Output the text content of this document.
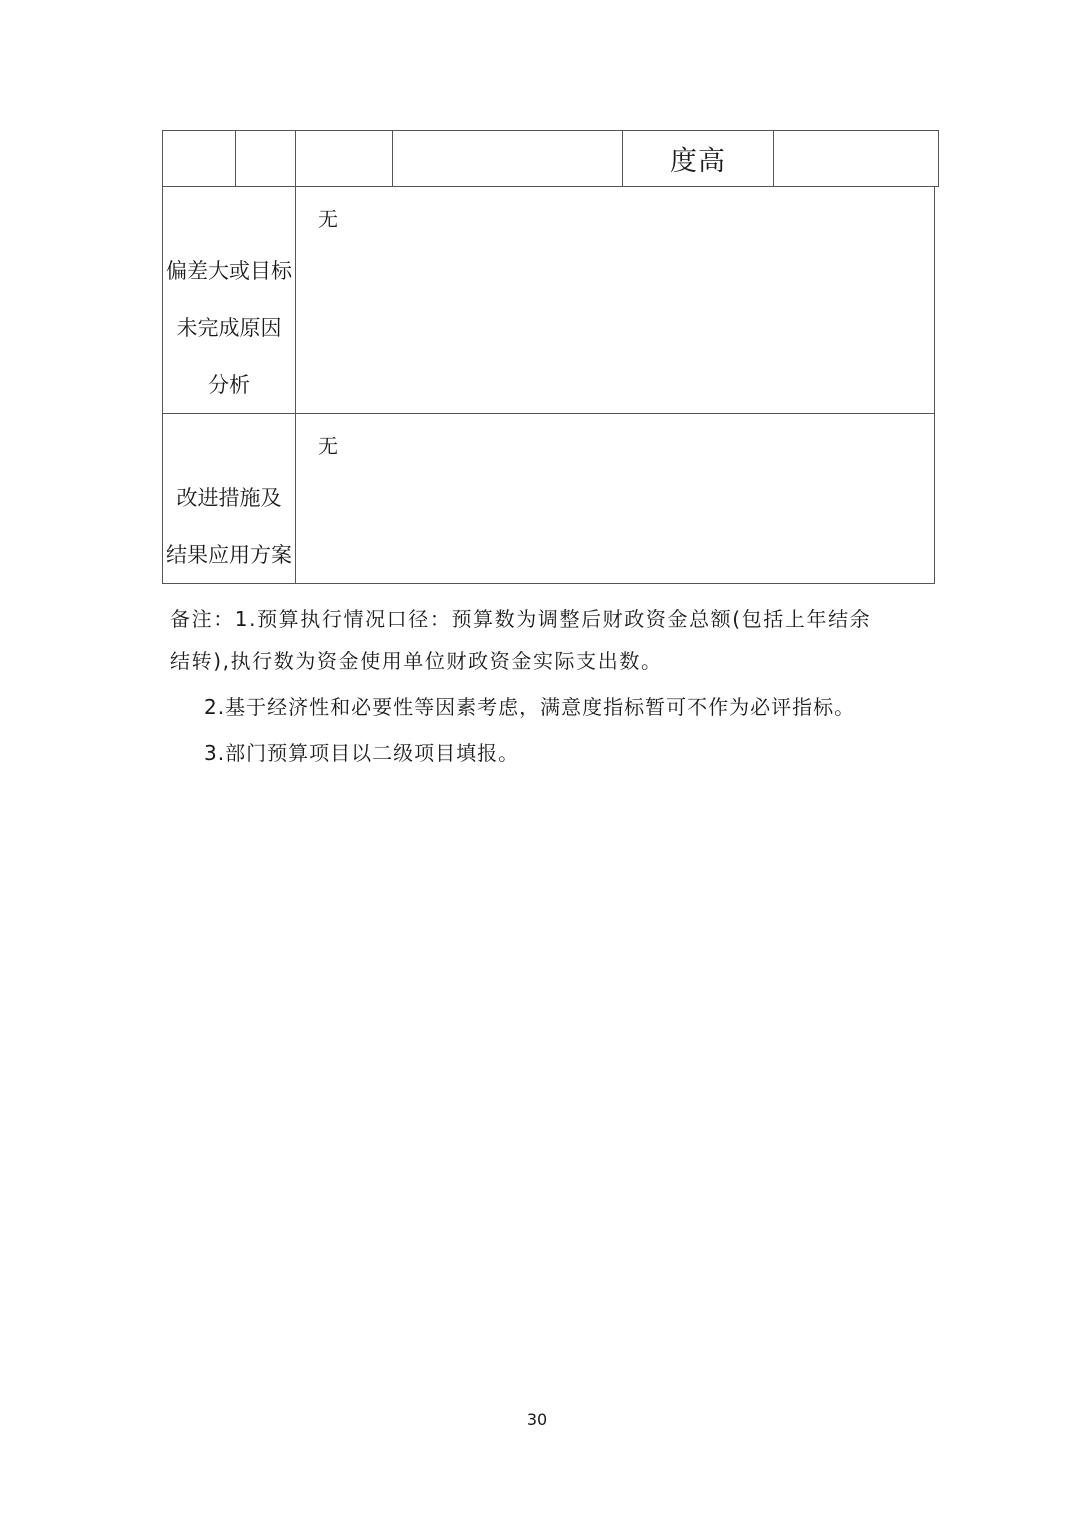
度高
偏差大或目标
未完成原因
分析
无
改进措施及
结果应用方案
无

备注：1.预算执行情况口径：预算数为调整后财政资金总额(包括上年结余

结转),执行数为资金使用单位财政资金实际支出数。

2.基于经济性和必要性等因素考虑，满意度指标暂可不作为必评指标。

3.部门预算项目以二级项目填报。

30
